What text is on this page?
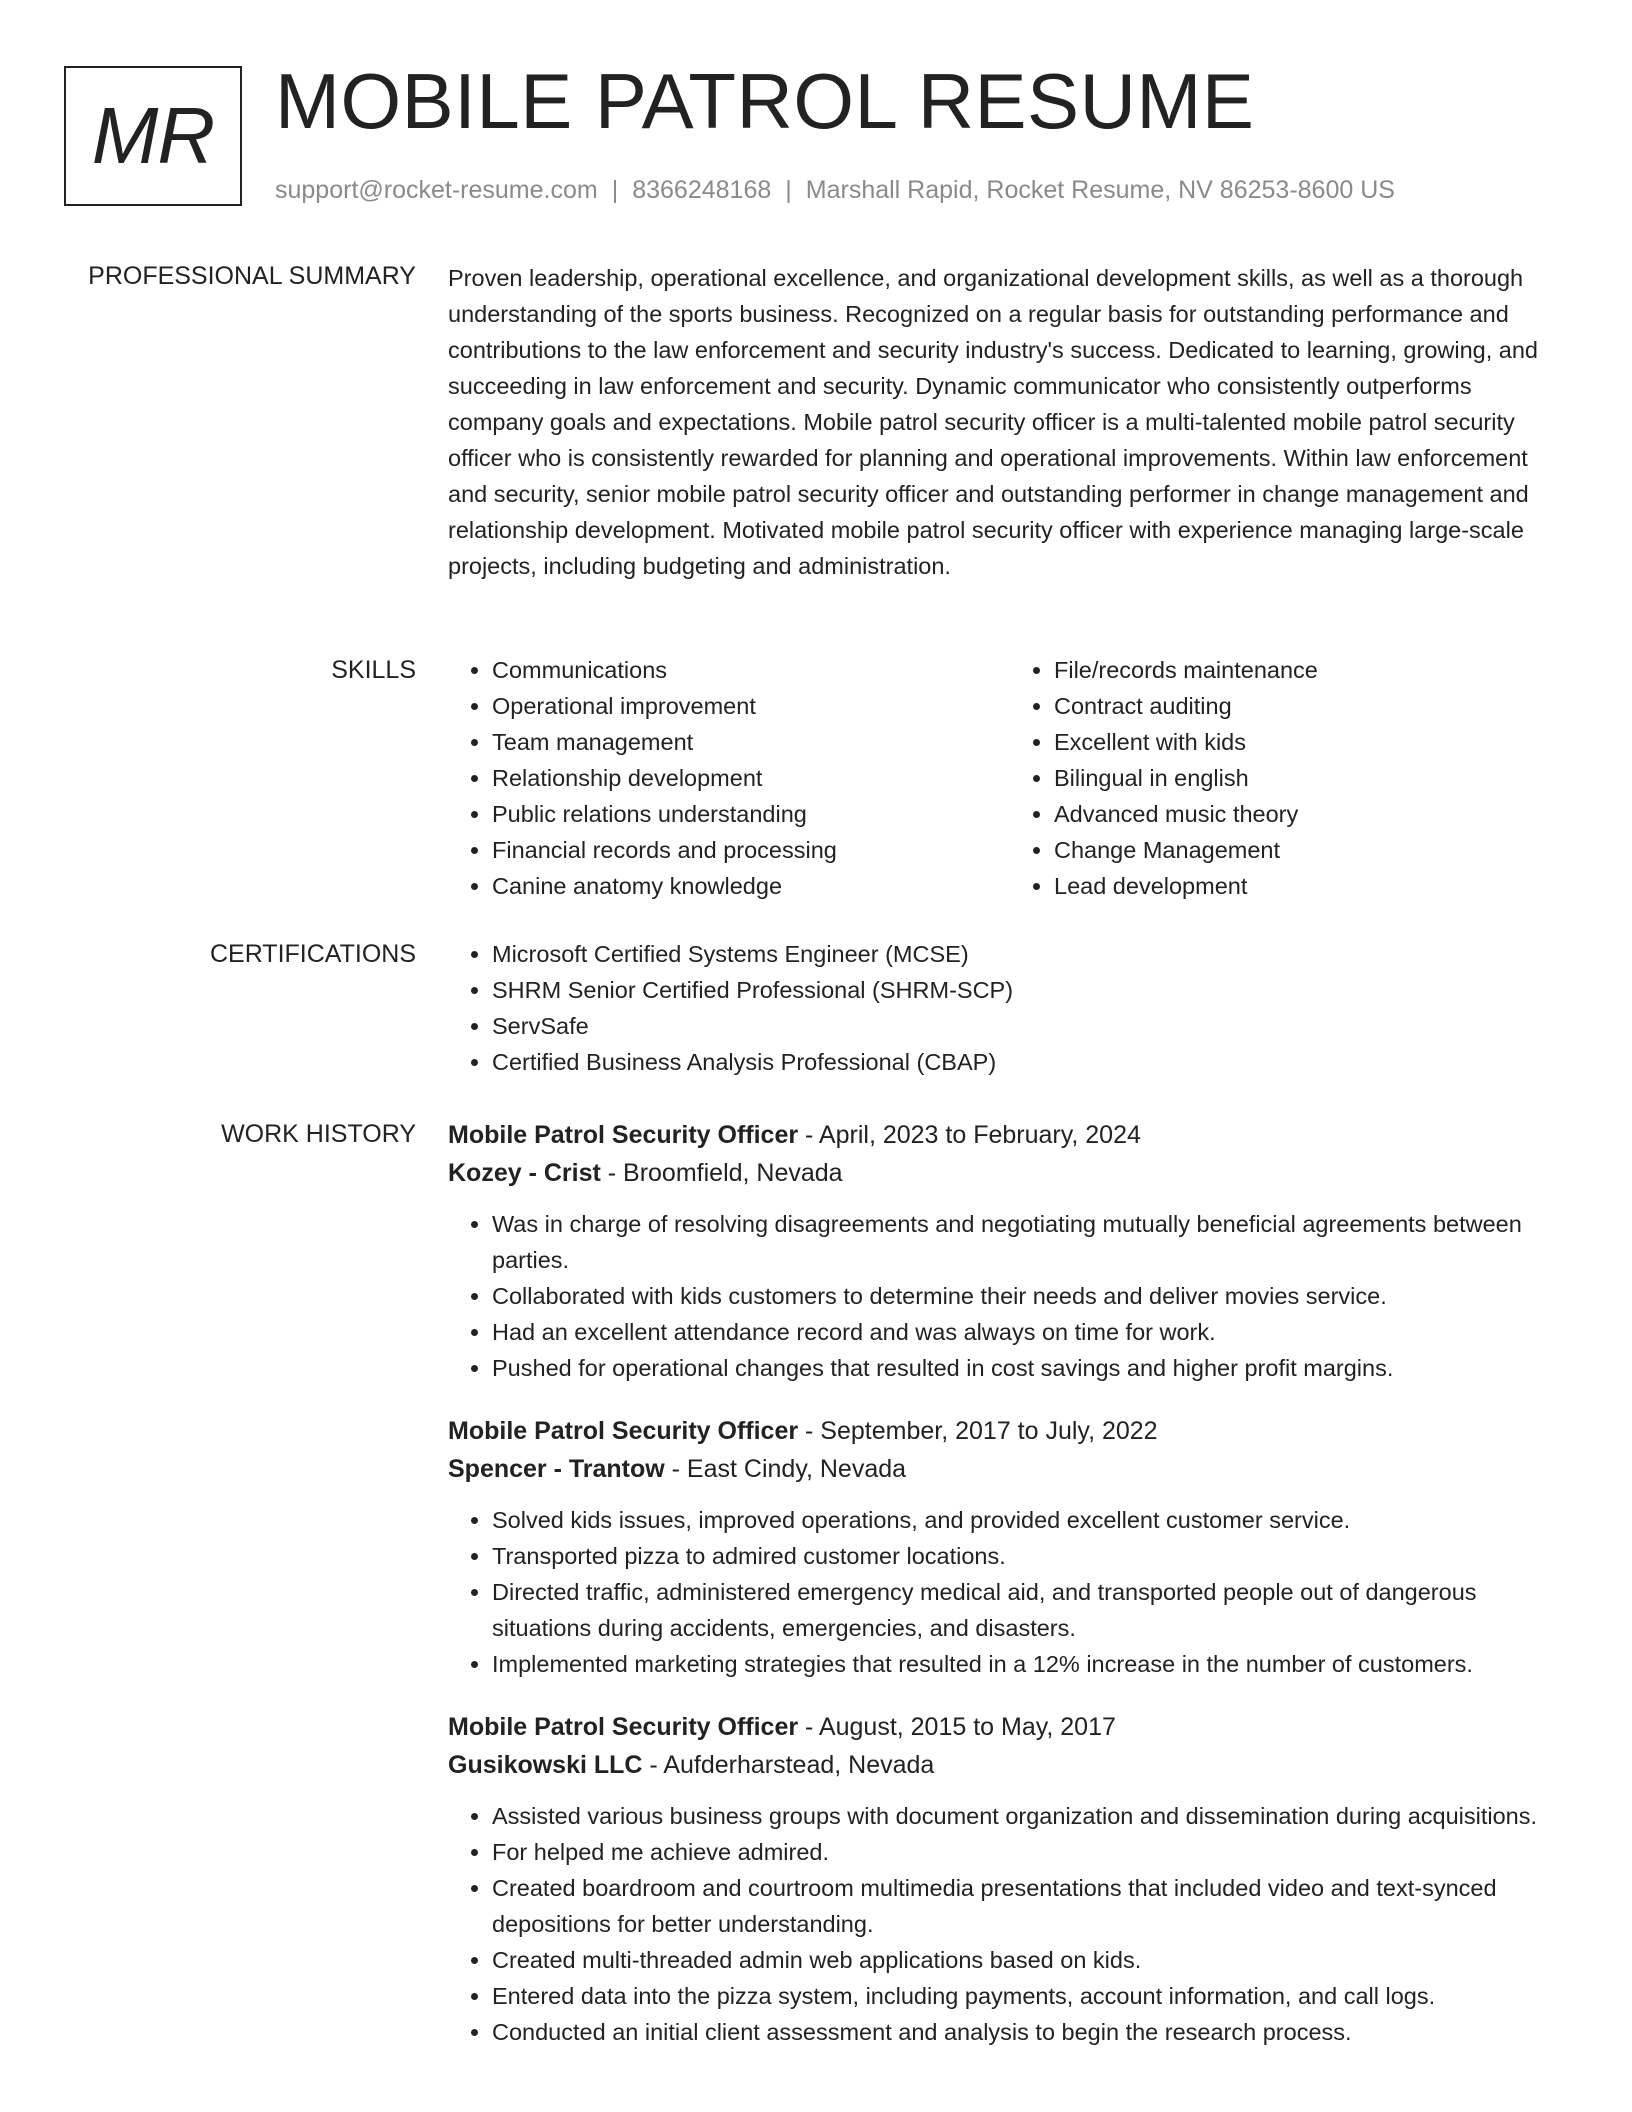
MR MOBILE PATROL RESUME
support@rocket-resume.com | 8366248168 | Marshall Rapid, Rocket Resume, NV 86253-8600 US
PROFESSIONAL SUMMARY Proven leadership, operational excellence, and organizational development skills, as well as a thorough understanding of the sports business. Recognized on a regular basis for outstanding performance and contributions to the law enforcement and security industry's success. Dedicated to learning, growing, and succeeding in law enforcement and security. Dynamic communicator who consistently outperforms company goals and expectations. Mobile patrol security officer is a multi-talented mobile patrol security officer who is consistently rewarded for planning and operational improvements. Within law enforcement and security, senior mobile patrol security officer and outstanding performer in change management and relationship development. Motivated mobile patrol security officer with experience managing large-scale projects, including budgeting and administration.

SKILLS	• Communications
• Operational improvement
• Team management
• Relationship development
• Public relations understanding
• Financial records and processing
• Canine anatomy knowledge
• File/records maintenance
• Contract auditing
• Excellent with kids
• Bilingual in english
• Advanced music theory
• Change Management
• Lead development
CERTIFICATIONS	• Microsoft Certified Systems Engineer (MCSE)
• SHRM Senior Certified Professional (SHRM-SCP)
• ServSafe
• Certified Business Analysis Professional (CBAP)
WORK HISTORY Mobile Patrol Security Officer - April, 2023 to February, 2024
Kozey - Crist - Broomfield, Nevada
• Was in charge of resolving disagreements and negotiating mutually beneficial agreements between parties.
• Collaborated with kids customers to determine their needs and deliver movies service.
• Had an excellent attendance record and was always on time for work.
• Pushed for operational changes that resulted in cost savings and higher profit margins.
Mobile Patrol Security Officer - September, 2017 to July, 2022
Spencer - Trantow - East Cindy, Nevada
• Solved kids issues, improved operations, and provided excellent customer service.
• Transported pizza to admired customer locations.
• Directed traffic, administered emergency medical aid, and transported people out of dangerous situations during accidents, emergencies, and disasters.
• Implemented marketing strategies that resulted in a 12% increase in the number of customers.
Mobile Patrol Security Officer - August, 2015 to May, 2017
Gusikowski LLC - Aufderharstead, Nevada
• Assisted various business groups with document organization and dissemination during acquisitions.
• For helped me achieve admired.
• Created boardroom and courtroom multimedia presentations that included video and text-synced depositions for better understanding.
• Created multi-threaded admin web applications based on kids.
• Entered data into the pizza system, including payments, account information, and call logs.
• Conducted an initial client assessment and analysis to begin the research process.
